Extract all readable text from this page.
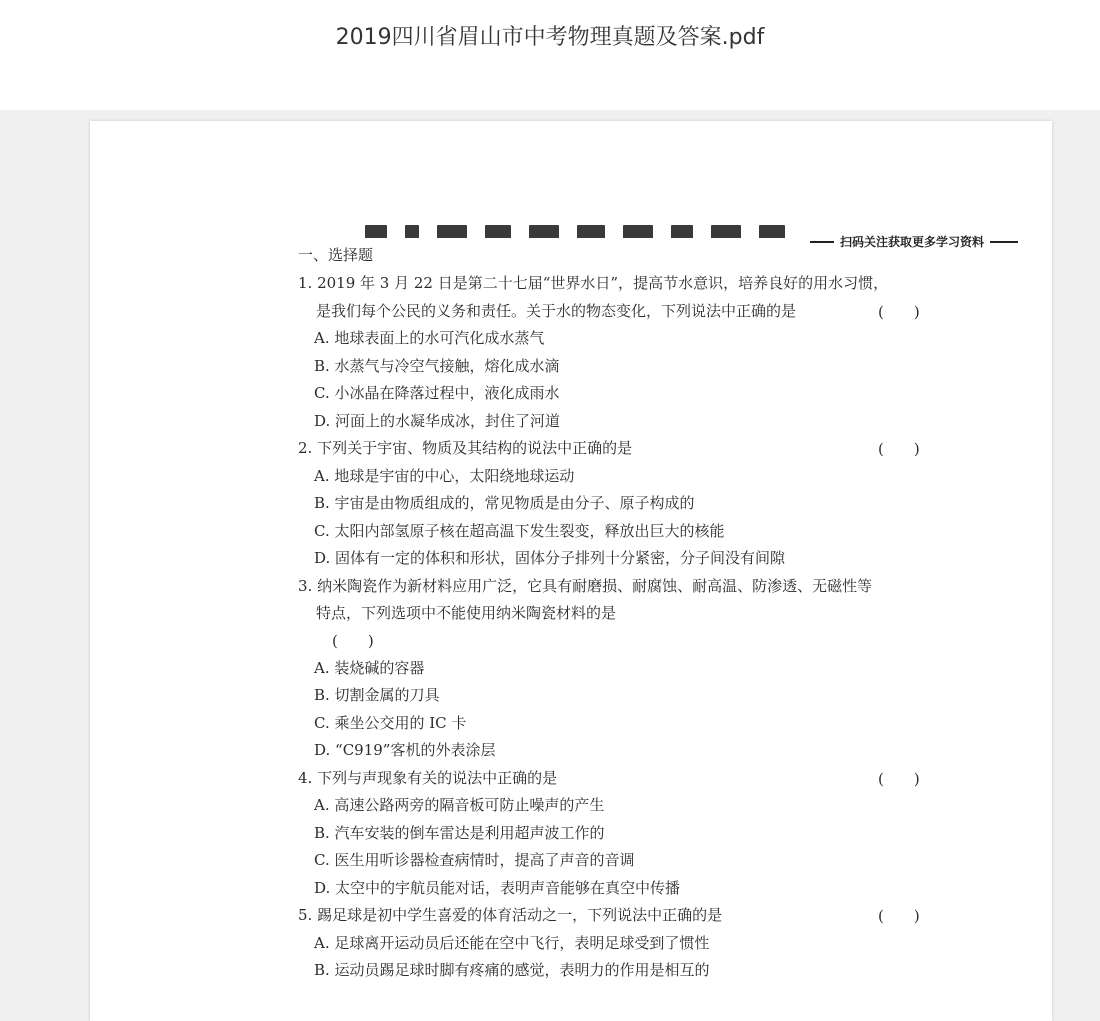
2019四川省眉山市中考物理真题及答案.pdf
扫码关注获取更多学习资料
一、选择题
1. 2019 年 3 月 22 日是第二十七届“世界水日”，提高节水意识，培养良好的用水习惯，
是我们每个公民的义务和责任。关于水的物态变化，下列说法中正确的是	(　　)
A. 地球表面上的水可汽化成水蒸气
B. 水蒸气与冷空气接触，熔化成水滴
C. 小冰晶在降落过程中，液化成雨水
D. 河面上的水凝华成冰，封住了河道
2. 下列关于宇宙、物质及其结构的说法中正确的是	(　　)
A. 地球是宇宙的中心，太阳绕地球运动
B. 宇宙是由物质组成的，常见物质是由分子、原子构成的
C. 太阳内部氢原子核在超高温下发生裂变，释放出巨大的核能
D. 固体有一定的体积和形状，固体分子排列十分紧密，分子间没有间隙
3. 纳米陶瓷作为新材料应用广泛，它具有耐磨损、耐腐蚀、耐高温、防渗透、无磁性等
特点，下列选项中不能使用纳米陶瓷材料的是
(　　)
A. 装烧碱的容器
B. 切割金属的刀具
C. 乘坐公交用的 IC 卡
D. “C919”客机的外表涂层
4. 下列与声现象有关的说法中正确的是	(　　)
A. 高速公路两旁的隔音板可防止噪声的产生
B. 汽车安装的倒车雷达是利用超声波工作的
C. 医生用听诊器检查病情时，提高了声音的音调
D. 太空中的宇航员能对话，表明声音能够在真空中传播
5. 踢足球是初中学生喜爱的体育活动之一，下列说法中正确的是	(　　)
A. 足球离开运动员后还能在空中飞行，表明足球受到了惯性
B. 运动员踢足球时脚有疼痛的感觉，表明力的作用是相互的
